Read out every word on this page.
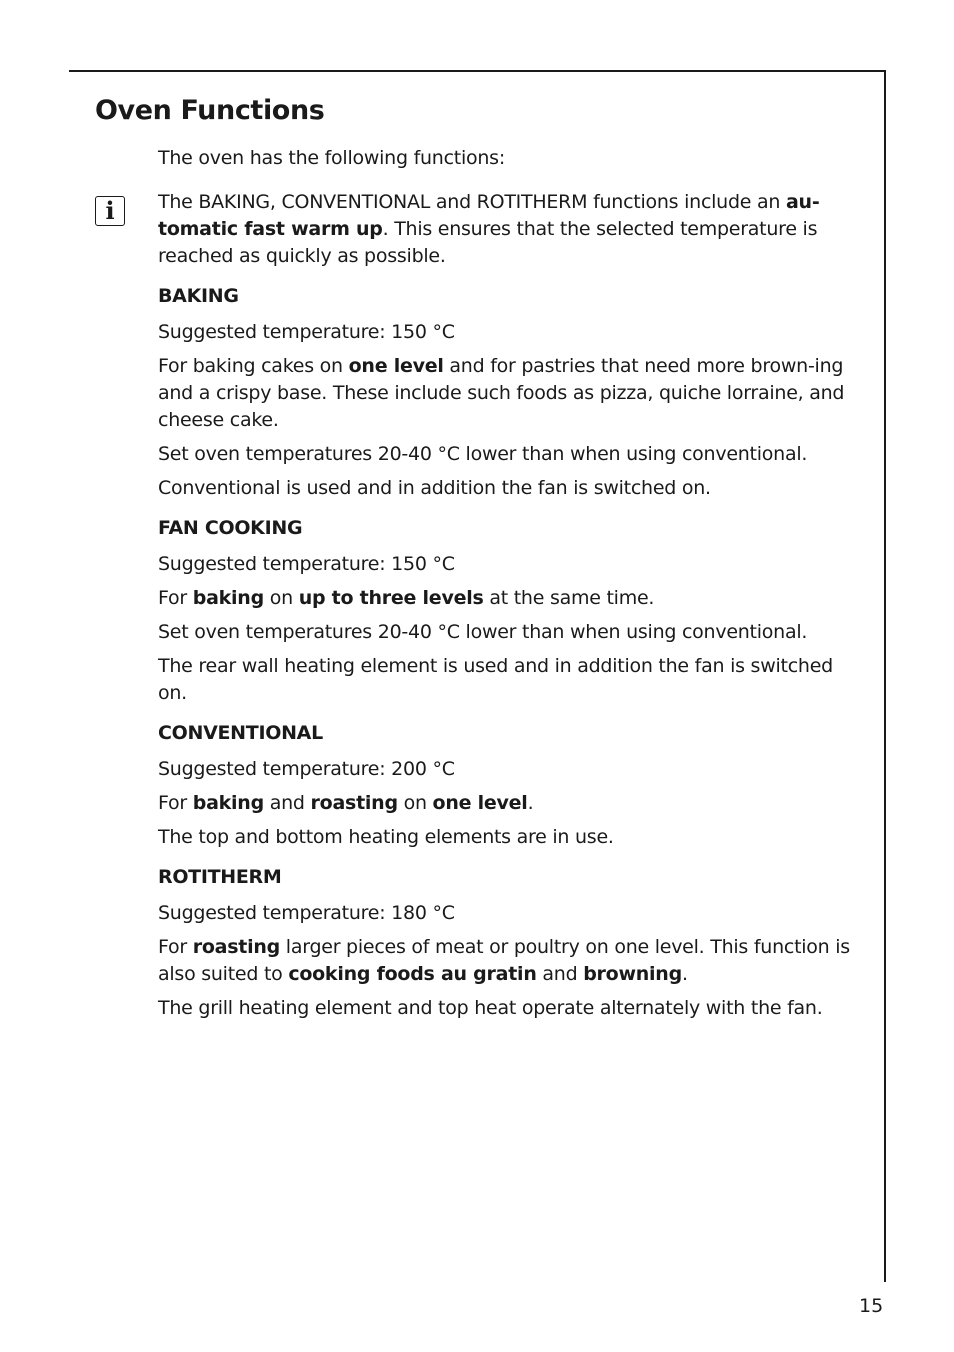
Oven Functions
i

The oven has the following functions:

The BAKING, CONVENTIONAL and ROTITHERM functions include an au-tomatic fast warm up. This ensures that the selected temperature is reached as quickly as possible.

BAKING

Suggested temperature: 150 °C

For baking cakes on one level and for pastries that need more brown-ing and a crispy base. These include such foods as pizza, quiche lorraine, and cheese cake.

Set oven temperatures 20-40 °C lower than when using conventional.

Conventional is used and in addition the fan is switched on.

FAN COOKING

Suggested temperature: 150 °C

For baking on up to three levels at the same time.

Set oven temperatures 20-40 °C lower than when using conventional.

The rear wall heating element is used and in addition the fan is switched on.

CONVENTIONAL

Suggested temperature: 200 °C

For baking and roasting on one level.

The top and bottom heating elements are in use.

ROTITHERM

Suggested temperature: 180 °C

For roasting larger pieces of meat or poultry on one level. This function is also suited to cooking foods au gratin and browning.

The grill heating element and top heat operate alternately with the fan.

15
